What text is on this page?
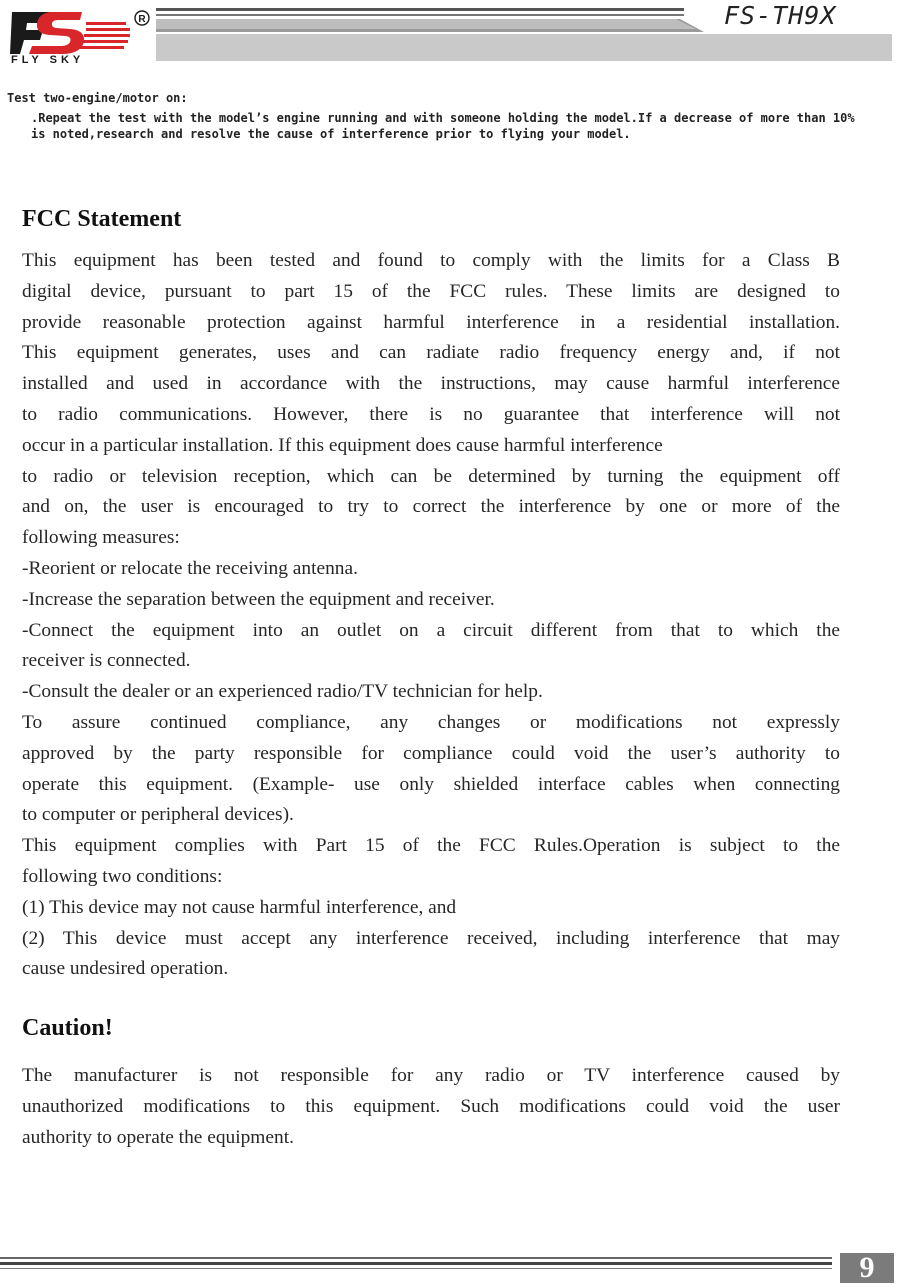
R
FLY SKY
FS-TH9X

Test two-engine/motor on:

.Repeat the test with the model’s engine running and with someone holding the model.If a decrease of more than 10% is noted,research and resolve the cause of interference prior to flying your model.

FCC Statement
This equipment has been tested and found to comply with the limits for a Class B
digital device, pursuant to part 15 of the FCC rules. These limits are designed to
provide reasonable protection against harmful interference in a residential installation.
This equipment generates, uses and can radiate radio frequency energy and, if not
installed and used in accordance with the instructions, may cause harmful interference
to radio communications. However, there is no guarantee that interference will not
occur in a particular installation. If this equipment does cause harmful interference
to radio or television reception, which can be determined by turning the equipment off
and on, the user is encouraged to try to correct the interference by one or more of the
following measures:
-Reorient or relocate the receiving antenna.
-Increase the separation between the equipment and receiver.
-Connect the equipment into an outlet on a circuit different from that to which the
receiver is connected.
-Consult the dealer or an experienced radio/TV technician for help.
To assure continued compliance, any changes or modifications not expressly
approved by the party responsible for compliance could void the user’s authority to
operate this equipment. (Example- use only shielded interface cables when connecting
to computer or peripheral devices).
This equipment complies with Part 15 of the FCC Rules.Operation is subject to the
following two conditions:
(1) This device may not cause harmful interference, and
(2) This device must accept any interference received, including interference that may
cause undesired operation.
Caution!
The manufacturer is not responsible for any radio or TV interference caused by
unauthorized modifications to this equipment. Such modifications could void the user
authority to operate the equipment.
9
